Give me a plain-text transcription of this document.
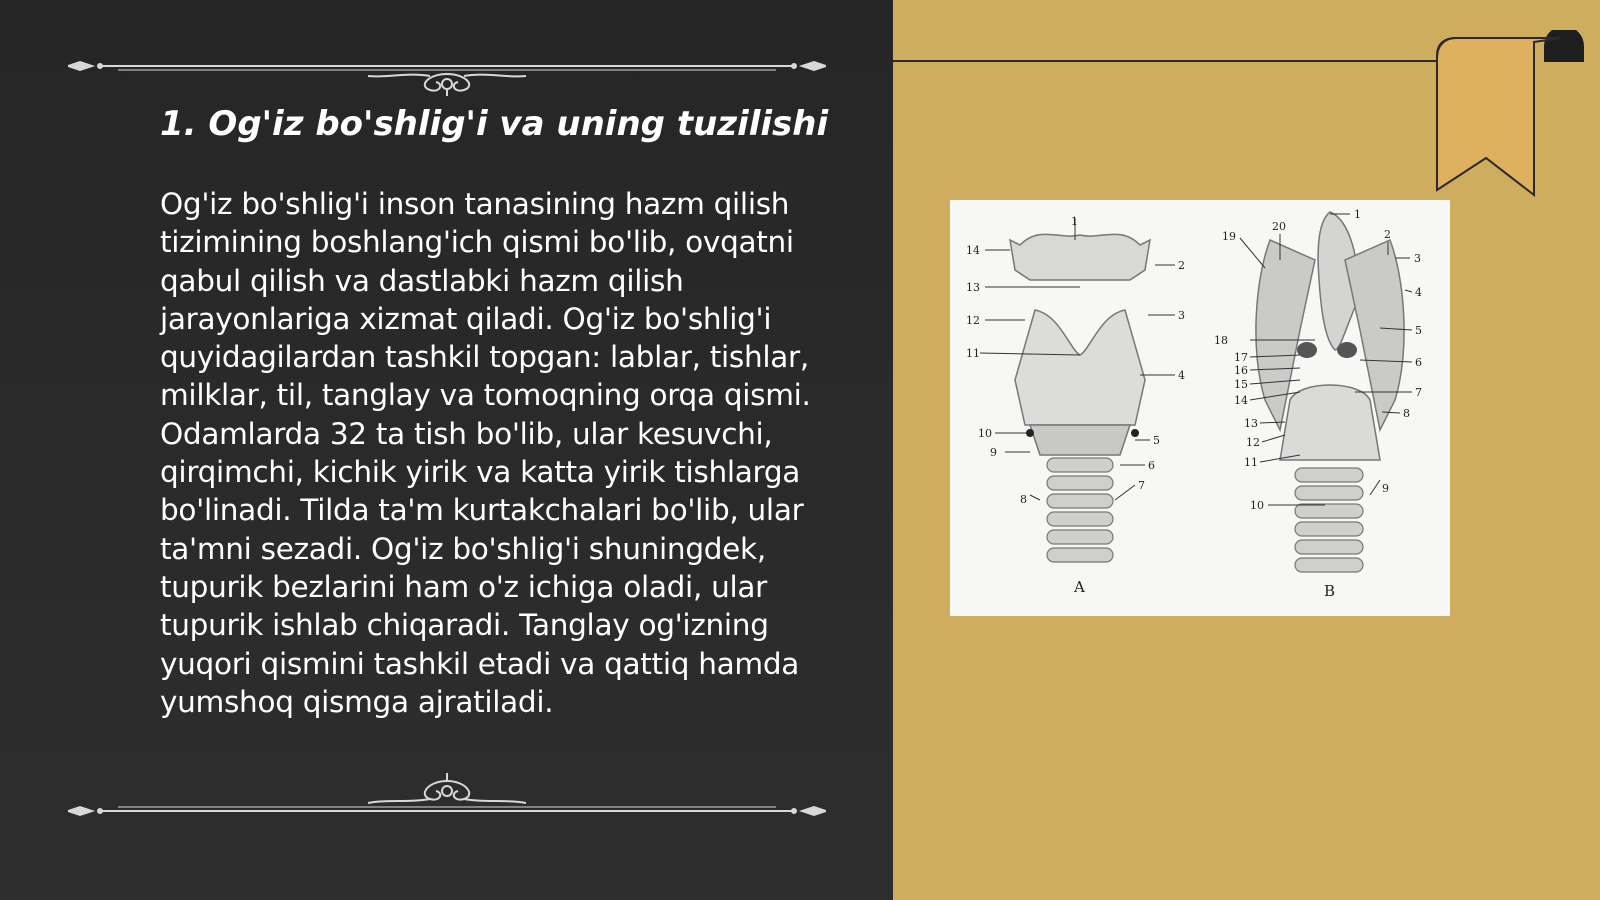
1. Og'iz bo'shlig'i va uning tuzilishi

Og'iz bo'shlig'i inson tanasining hazm qilish tizimining boshlang'ich qismi bo'lib, ovqatni qabul qilish va dastlabki hazm qilish jarayonlariga xizmat qiladi. Og'iz bo'shlig'i quyidagilardan tashkil topgan: lablar, tishlar, milklar, til, tanglay va tomoqning orqa qismi. Odamlarda 32 ta tish bo'lib, ular kesuvchi, qirqimchi, kichik yirik va katta yirik tishlarga bo'linadi. Tilda ta'm kurtakchalari bo'lib, ular ta'mni sezadi. Og'iz bo'shlig'i shuningdek, tupurik bezlarini ham o'z ichiga oladi, ular tupurik ishlab chiqaradi. Tanglay og'izning yuqori qismini tashkil etadi va qattiq hamda yumshoq qismga ajratiladi.

1
2
3
4
5
6
7
8
9
10
11
12
13
14
A
1
2
3
4
5
6
7
8
9
10
11
12
13
14
15
16
17
18
19
20
B
